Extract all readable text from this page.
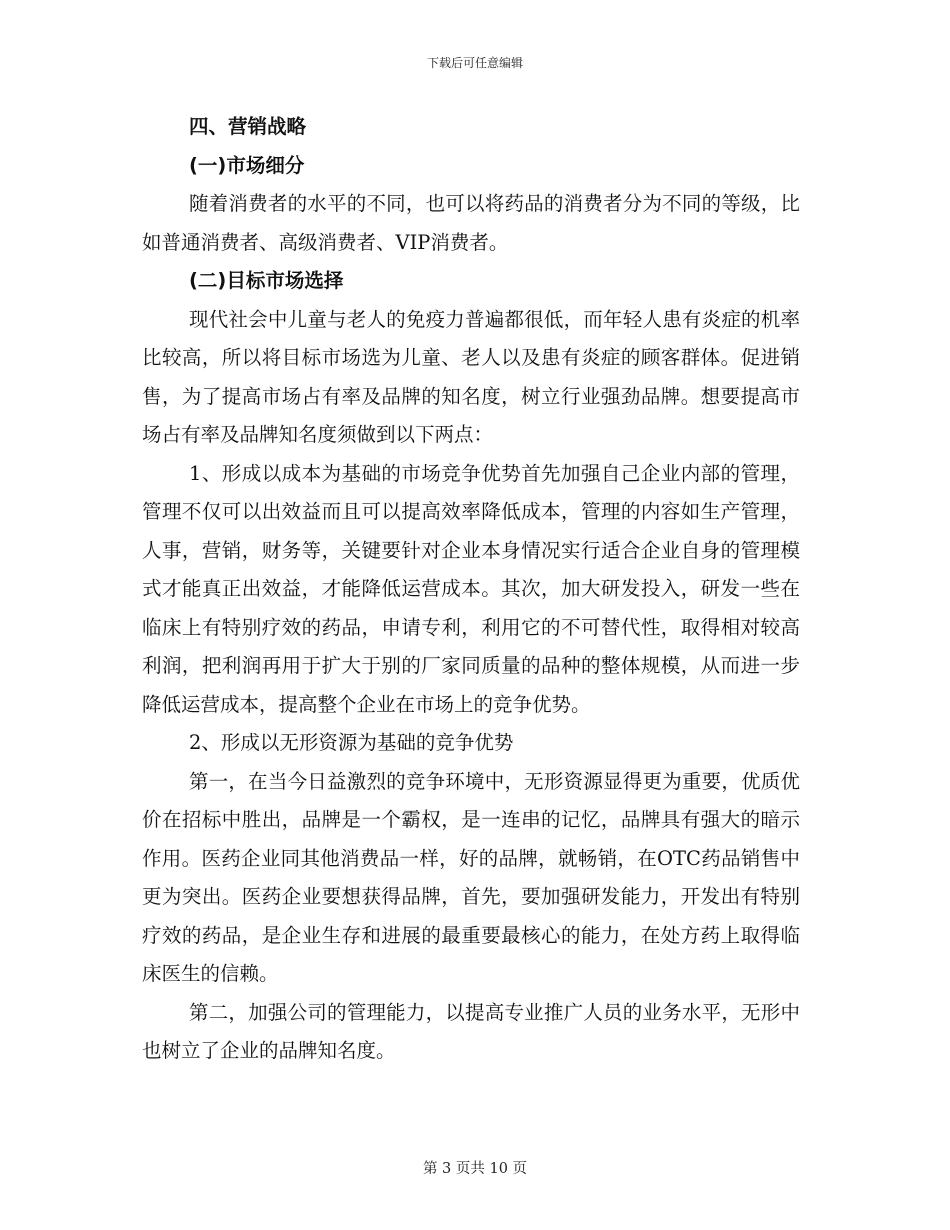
下载后可任意编辑

四、营销战略

(一)市场细分

随着消费者的水平的不同，也可以将药品的消费者分为不同的等级，比如普通消费者、高级消费者、VIP消费者。

(二)目标市场选择

现代社会中儿童与老人的免疫力普遍都很低，而年轻人患有炎症的机率比较高，所以将目标市场选为儿童、老人以及患有炎症的顾客群体。促进销售，为了提高市场占有率及品牌的知名度，树立行业强劲品牌。想要提高市场占有率及品牌知名度须做到以下两点：

1、形成以成本为基础的市场竞争优势首先加强自己企业内部的管理，管理不仅可以出效益而且可以提高效率降低成本，管理的内容如生产管理，人事，营销，财务等，关键要针对企业本身情况实行适合企业自身的管理模式才能真正出效益，才能降低运营成本。其次，加大研发投入，研发一些在临床上有特别疗效的药品，申请专利，利用它的不可替代性，取得相对较高利润，把利润再用于扩大于别的厂家同质量的品种的整体规模，从而进一步降低运营成本，提高整个企业在市场上的竞争优势。

2、形成以无形资源为基础的竞争优势

第一，在当今日益激烈的竞争环境中，无形资源显得更为重要，优质优价在招标中胜出，品牌是一个霸权，是一连串的记忆，品牌具有强大的暗示作用。医药企业同其他消费品一样，好的品牌，就畅销，在OTC药品销售中更为突出。医药企业要想获得品牌，首先，要加强研发能力，开发出有特别疗效的药品，是企业生存和进展的最重要最核心的能力，在处方药上取得临床医生的信赖。

第二，加强公司的管理能力，以提高专业推广人员的业务水平，无形中也树立了企业的品牌知名度。

第 3 页共 10 页
